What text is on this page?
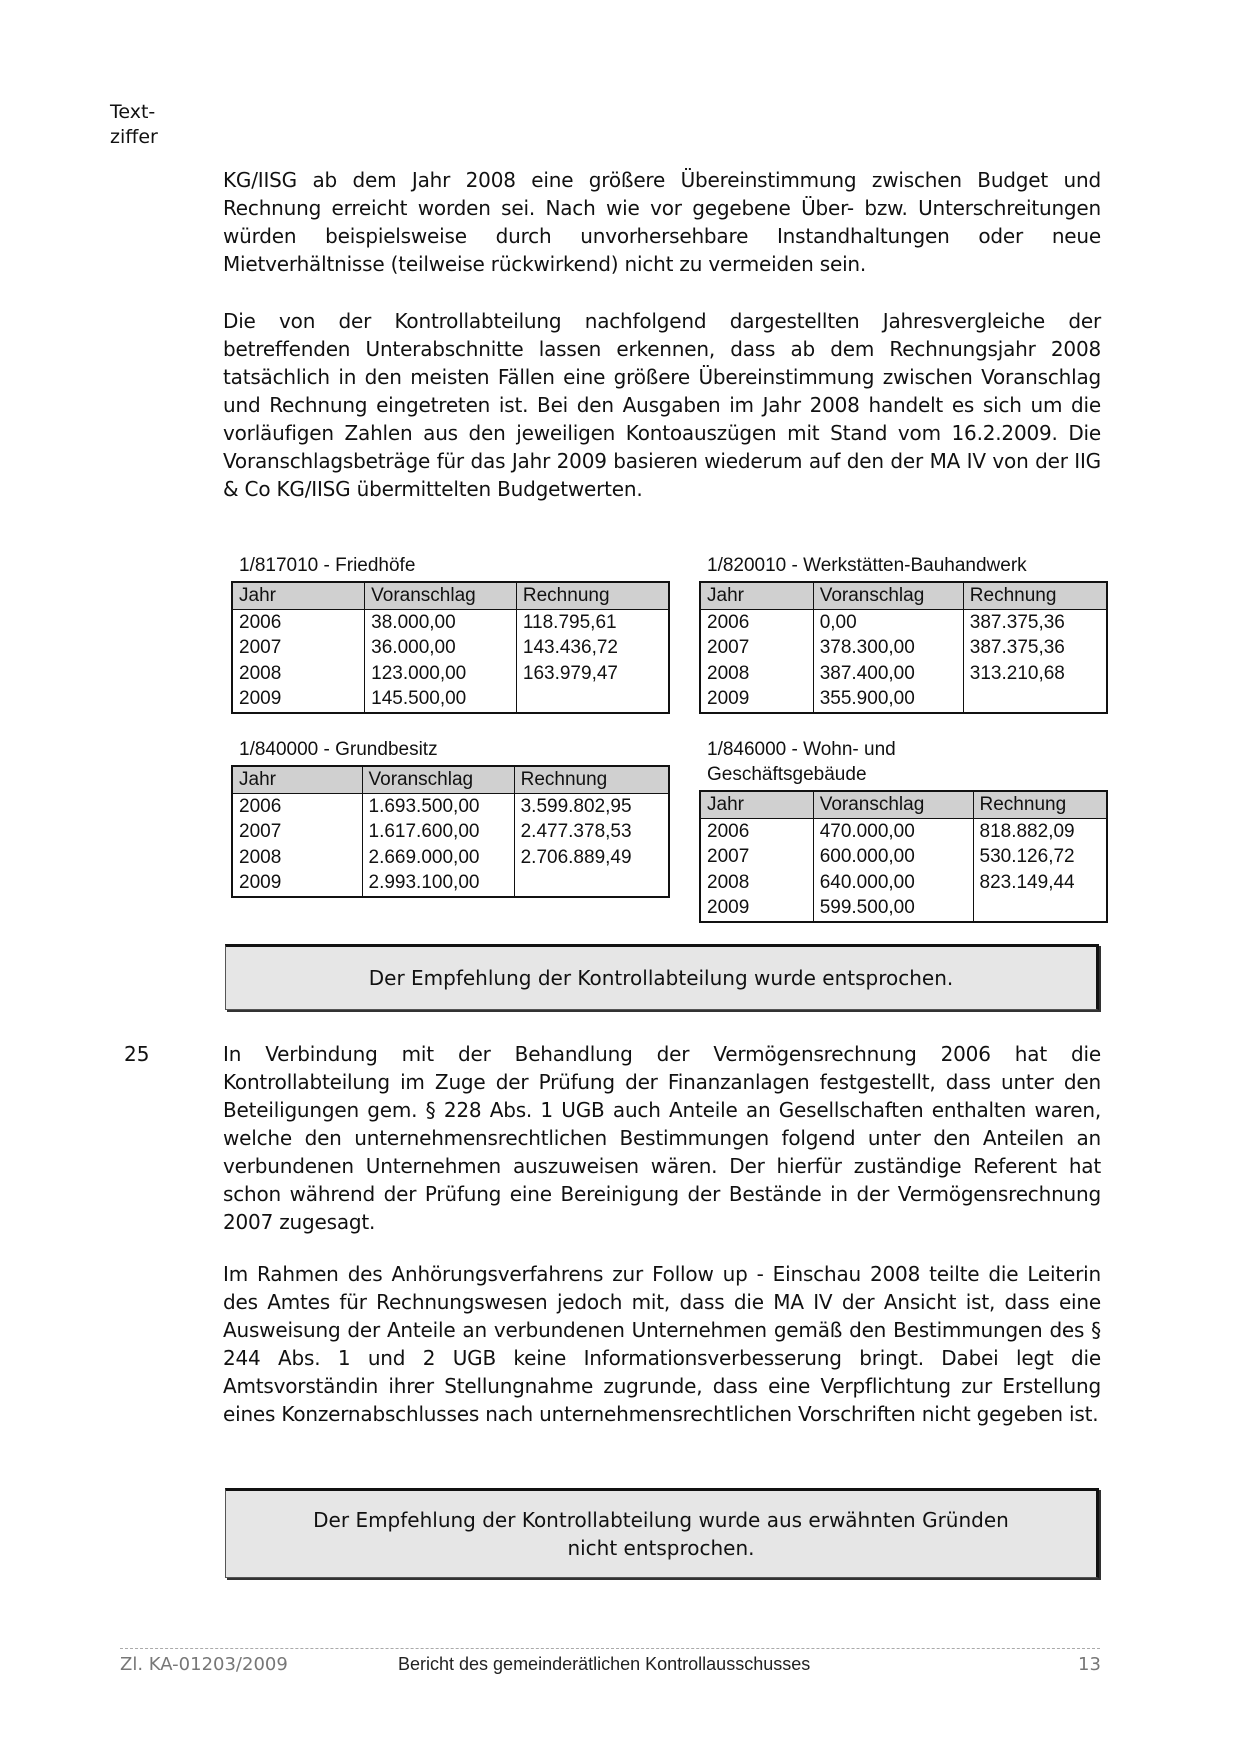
Text-
ziffer

KG/IISG ab dem Jahr 2008 eine größere Übereinstimmung zwischen Budget und Rechnung erreicht worden sei. Nach wie vor gegebene Über- bzw. Unterschreitungen würden beispielsweise durch unvorhersehbare Instandhaltungen oder neue Mietverhältnisse (teilweise rückwirkend) nicht zu vermeiden sein.

Die von der Kontrollabteilung nachfolgend dargestellten Jahresvergleiche der betreffenden Unterabschnitte lassen erkennen, dass ab dem Rechnungsjahr 2008 tatsächlich in den meisten Fällen eine größere Übereinstimmung zwischen Voranschlag und Rechnung eingetreten ist. Bei den Ausgaben im Jahr 2008 handelt es sich um die vorläufigen Zahlen aus den jeweiligen Kontoauszügen mit Stand vom 16.2.2009. Die Voranschlagsbeträge für das Jahr 2009 basieren wiederum auf den der MA IV von der IIG & Co KG/IISG übermittelten Budgetwerten.

1/817010 - Friedhöfe
Jahr	Voranschlag	Rechnung
2006	38.000,00	118.795,61
2007	36.000,00	143.436,72
2008	123.000,00	163.979,47
2009	145.500,00	
1/820010 - Werkstätten-Bauhandwerk
Jahr	Voranschlag	Rechnung
2006	0,00	387.375,36
2007	378.300,00	387.375,36
2008	387.400,00	313.210,68
2009	355.900,00	
1/840000 - Grundbesitz
Jahr	Voranschlag	Rechnung
2006	1.693.500,00	3.599.802,95
2007	1.617.600,00	2.477.378,53
2008	2.669.000,00	2.706.889,49
2009	2.993.100,00	
1/846000 - Wohn- und Geschäftsgebäude
Jahr	Voranschlag	Rechnung
2006	470.000,00	818.882,09
2007	600.000,00	530.126,72
2008	640.000,00	823.149,44
2009	599.500,00	
Der Empfehlung der Kontrollabteilung wurde entsprochen.
25	In Verbindung mit der Behandlung der Vermögensrechnung 2006 hat die Kontrollabteilung im Zuge der Prüfung der Finanzanlagen festgestellt, dass unter den Beteiligungen gem. § 228 Abs. 1 UGB auch Anteile an Gesellschaften enthalten waren, welche den unternehmensrechtlichen Bestimmungen folgend unter den Anteilen an verbundenen Unternehmen auszuweisen wären. Der hierfür zuständige Referent hat schon während der Prüfung eine Bereinigung der Bestände in der Vermögensrechnung 2007 zugesagt.

Im Rahmen des Anhörungsverfahrens zur Follow up - Einschau 2008 teilte die Leiterin des Amtes für Rechnungswesen jedoch mit, dass die MA IV der Ansicht ist, dass eine Ausweisung der Anteile an verbundenen Unternehmen gemäß den Bestimmungen des § 244 Abs. 1 und 2 UGB keine Informationsverbesserung bringt. Dabei legt die Amtsvorständin ihrer Stellungnahme zugrunde, dass eine Verpflichtung zur Erstellung eines Konzernabschlusses nach unternehmensrechtlichen Vorschriften nicht gegeben ist.

Der Empfehlung der Kontrollabteilung wurde aus erwähnten Gründen
nicht entsprochen.
Zl. KA-01203/2009	Bericht des gemeinderätlichen Kontrollausschusses	13
